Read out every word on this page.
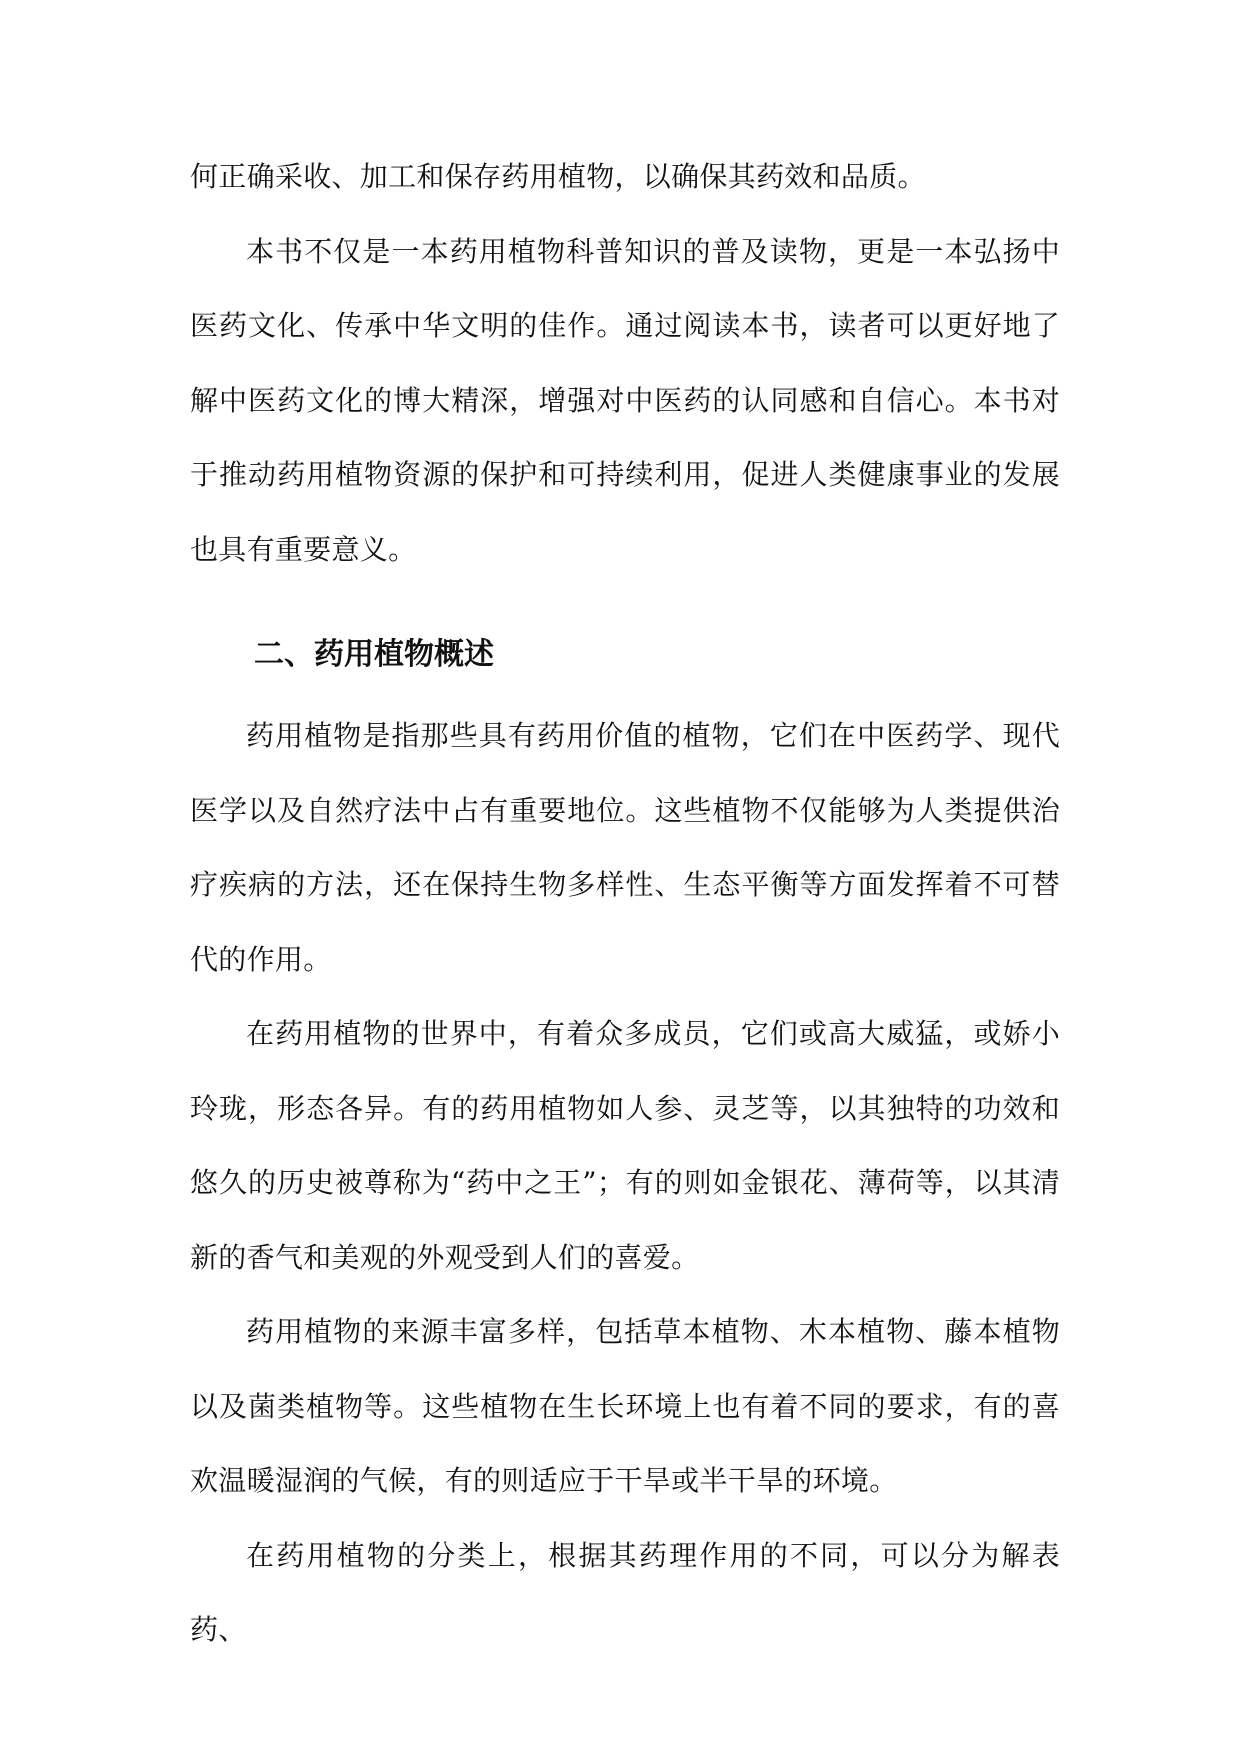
何正确采收、加工和保存药用植物，以确保其药效和品质。

本书不仅是一本药用植物科普知识的普及读物，更是一本弘扬中医药文化、传承中华文明的佳作。通过阅读本书，读者可以更好地了解中医药文化的博大精深，增强对中医药的认同感和自信心。本书对于推动药用植物资源的保护和可持续利用，促进人类健康事业的发展也具有重要意义。

二、药用植物概述

药用植物是指那些具有药用价值的植物，它们在中医药学、现代医学以及自然疗法中占有重要地位。这些植物不仅能够为人类提供治疗疾病的方法，还在保持生物多样性、生态平衡等方面发挥着不可替代的作用。

在药用植物的世界中，有着众多成员，它们或高大威猛，或娇小玲珑，形态各异。有的药用植物如人参、灵芝等，以其独特的功效和悠久的历史被尊称为“药中之王”；有的则如金银花、薄荷等，以其清新的香气和美观的外观受到人们的喜爱。

药用植物的来源丰富多样，包括草本植物、木本植物、藤本植物以及菌类植物等。这些植物在生长环境上也有着不同的要求，有的喜欢温暖湿润的气候，有的则适应于干旱或半干旱的环境。

在药用植物的分类上，根据其药理作用的不同，可以分为解表药、
